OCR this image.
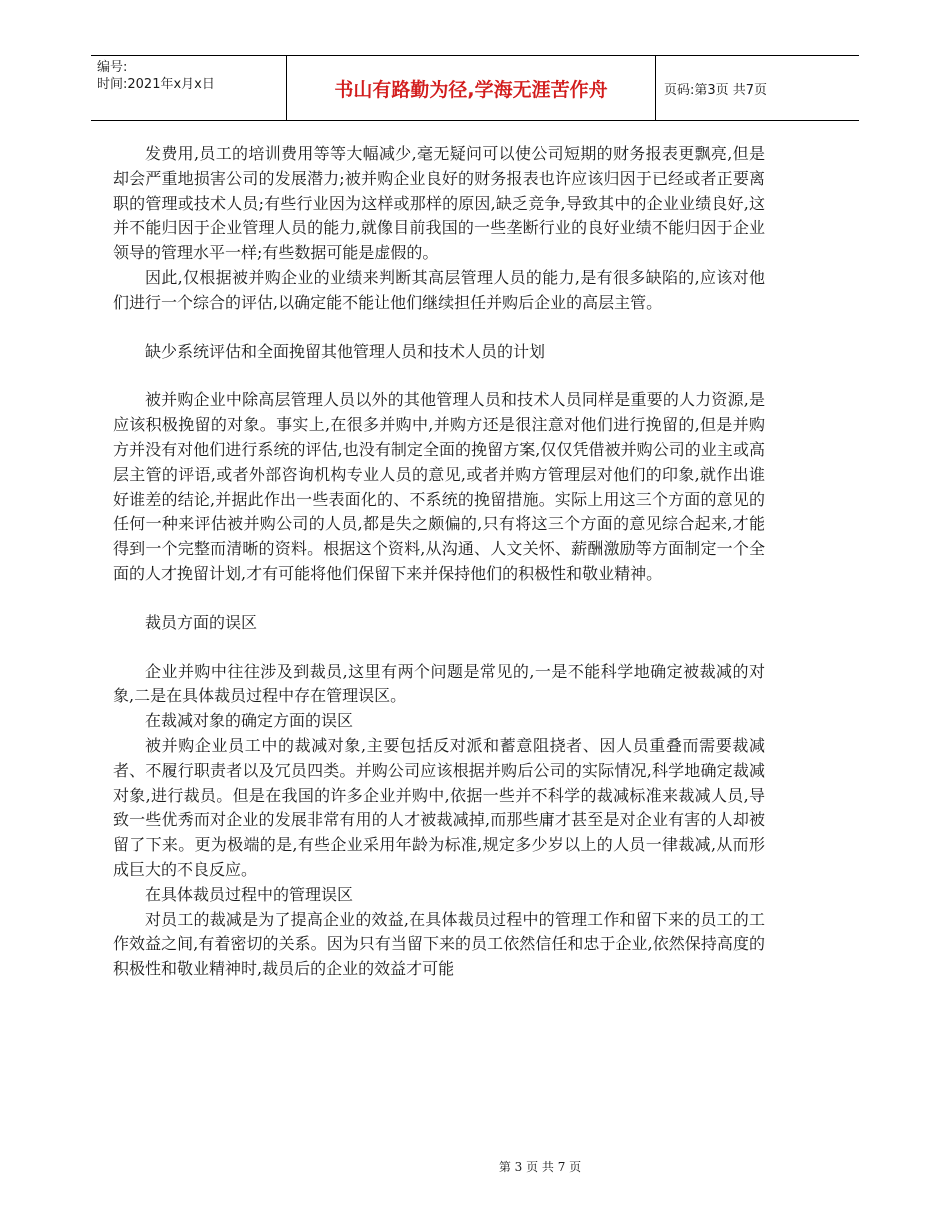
编号:
时间:2021年x月x日	书山有路勤为径,学海无涯苦作舟	页码:第3页 共7页

发费用,员工的培训费用等等大幅减少,毫无疑问可以使公司短期的财务报表更飘亮,但是却会严重地损害公司的发展潜力;被并购企业良好的财务报表也许应该归因于已经或者正要离职的管理或技术人员;有些行业因为这样或那样的原因,缺乏竞争,导致其中的企业业绩良好,这并不能归因于企业管理人员的能力,就像目前我国的一些垄断行业的良好业绩不能归因于企业领导的管理水平一样;有些数据可能是虚假的。

因此,仅根据被并购企业的业绩来判断其高层管理人员的能力,是有很多缺陷的,应该对他们进行一个综合的评估,以确定能不能让他们继续担任并购后企业的高层主管。

缺少系统评估和全面挽留其他管理人员和技术人员的计划

被并购企业中除高层管理人员以外的其他管理人员和技术人员同样是重要的人力资源,是应该积极挽留的对象。事实上,在很多并购中,并购方还是很注意对他们进行挽留的,但是并购方并没有对他们进行系统的评估,也没有制定全面的挽留方案,仅仅凭借被并购公司的业主或高层主管的评语,或者外部咨询机构专业人员的意见,或者并购方管理层对他们的印象,就作出谁好谁差的结论,并据此作出一些表面化的、不系统的挽留措施。实际上用这三个方面的意见的任何一种来评估被并购公司的人员,都是失之颇偏的,只有将这三个方面的意见综合起来,才能得到一个完整而清晰的资料。根据这个资料,从沟通、人文关怀、薪酬激励等方面制定一个全面的人才挽留计划,才有可能将他们保留下来并保持他们的积极性和敬业精神。

裁员方面的误区

企业并购中往往涉及到裁员,这里有两个问题是常见的,一是不能科学地确定被裁减的对象,二是在具体裁员过程中存在管理误区。

在裁减对象的确定方面的误区

被并购企业员工中的裁减对象,主要包括反对派和蓄意阻挠者、因人员重叠而需要裁减者、不履行职责者以及冗员四类。并购公司应该根据并购后公司的实际情况,科学地确定裁减对象,进行裁员。但是在我国的许多企业并购中,依据一些并不科学的裁减标准来裁减人员,导致一些优秀而对企业的发展非常有用的人才被裁减掉,而那些庸才甚至是对企业有害的人却被留了下来。更为极端的是,有些企业采用年龄为标准,规定多少岁以上的人员一律裁减,从而形成巨大的不良反应。

在具体裁员过程中的管理误区

对员工的裁减是为了提高企业的效益,在具体裁员过程中的管理工作和留下来的员工的工作效益之间,有着密切的关系。因为只有当留下来的员工依然信任和忠于企业,依然保持高度的积极性和敬业精神时,裁员后的企业的效益才可能

第 3 页 共 7 页
